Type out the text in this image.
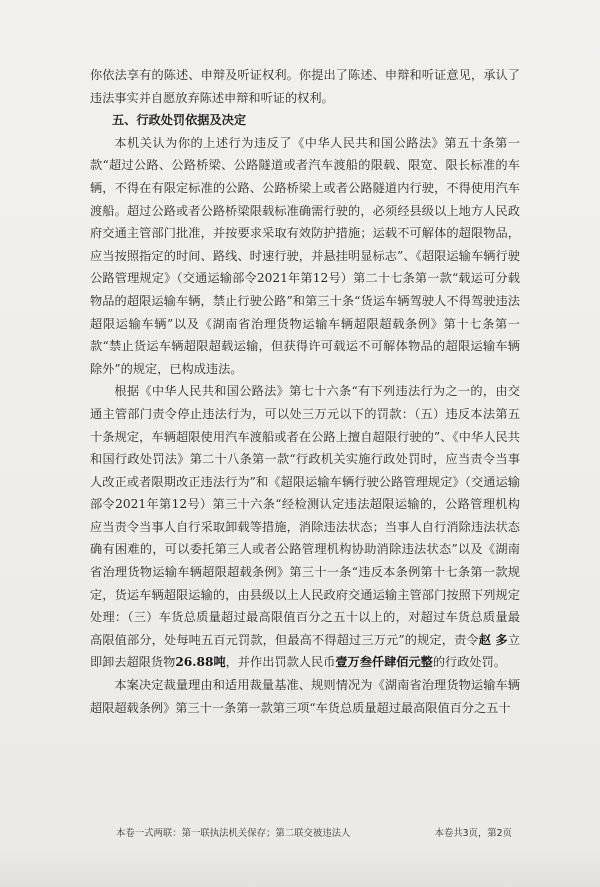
你依法享有的陈述、申辩及听证权利。你提出了陈述、申辩和听证意见，承认了违法事实并自愿放弃陈述申辩和听证的权利。

五、行政处罚依据及决定

本机关认为你的上述行为违反了《中华人民共和国公路法》第五十条第一款“超过公路、公路桥梁、公路隧道或者汽车渡船的限载、限宽、限长标准的车辆，不得在有限定标准的公路、公路桥梁上或者公路隧道内行驶，不得使用汽车渡船。超过公路或者公路桥梁限载标准确需行驶的，必须经县级以上地方人民政府交通主管部门批准，并按要求采取有效防护措施；运载不可解体的超限物品，应当按照指定的时间、路线、时速行驶，并悬挂明显标志”、《超限运输车辆行驶公路管理规定》（交通运输部令2021年第12号）第二十七条第一款“载运可分载物品的超限运输车辆，禁止行驶公路”和第三十条“货运车辆驾驶人不得驾驶违法超限运输车辆”以及《湖南省治理货物运输车辆超限超载条例》第十七条第一款“禁止货运车辆超限超载运输，但获得许可载运不可解体物品的超限运输车辆除外”的规定，已构成违法。

根据《中华人民共和国公路法》第七十六条“有下列违法行为之一的，由交通主管部门责令停止违法行为，可以处三万元以下的罚款：（五）违反本法第五十条规定，车辆超限使用汽车渡船或者在公路上擅自超限行驶的”、《中华人民共和国行政处罚法》第二十八条第一款“行政机关实施行政处罚时，应当责令当事人改正或者限期改正违法行为”和《超限运输车辆行驶公路管理规定》（交通运输部令2021年第12号）第三十六条“经检测认定违法超限运输的，公路管理机构应当责令当事人自行采取卸载等措施，消除违法状态；当事人自行消除违法状态确有困难的，可以委托第三人或者公路管理机构协助消除违法状态”以及《湖南省治理货物运输车辆超限超载条例》第三十一条“违反本条例第十七条第一款规定，货运车辆超限运输的，由县级以上人民政府交通运输主管部门按照下列规定处理：（三）车货总质量超过最高限值百分之五十以上的，对超过车货总质量最高限值部分，处每吨五百元罚款，但最高不得超过三万元”的规定，责令赵 多立即卸去超限货物26.88吨，并作出罚款人民币壹万叁仟肆佰元整的行政处罚。

本案决定裁量理由和适用裁量基准、规则情况为《湖南省治理货物运输车辆超限超载条例》第三十一条第一款第三项“车货总质量超过最高限值百分之五十

本卷一式两联：第一联执法机关保存；第二联交被违法人	本卷共3页，第2页
